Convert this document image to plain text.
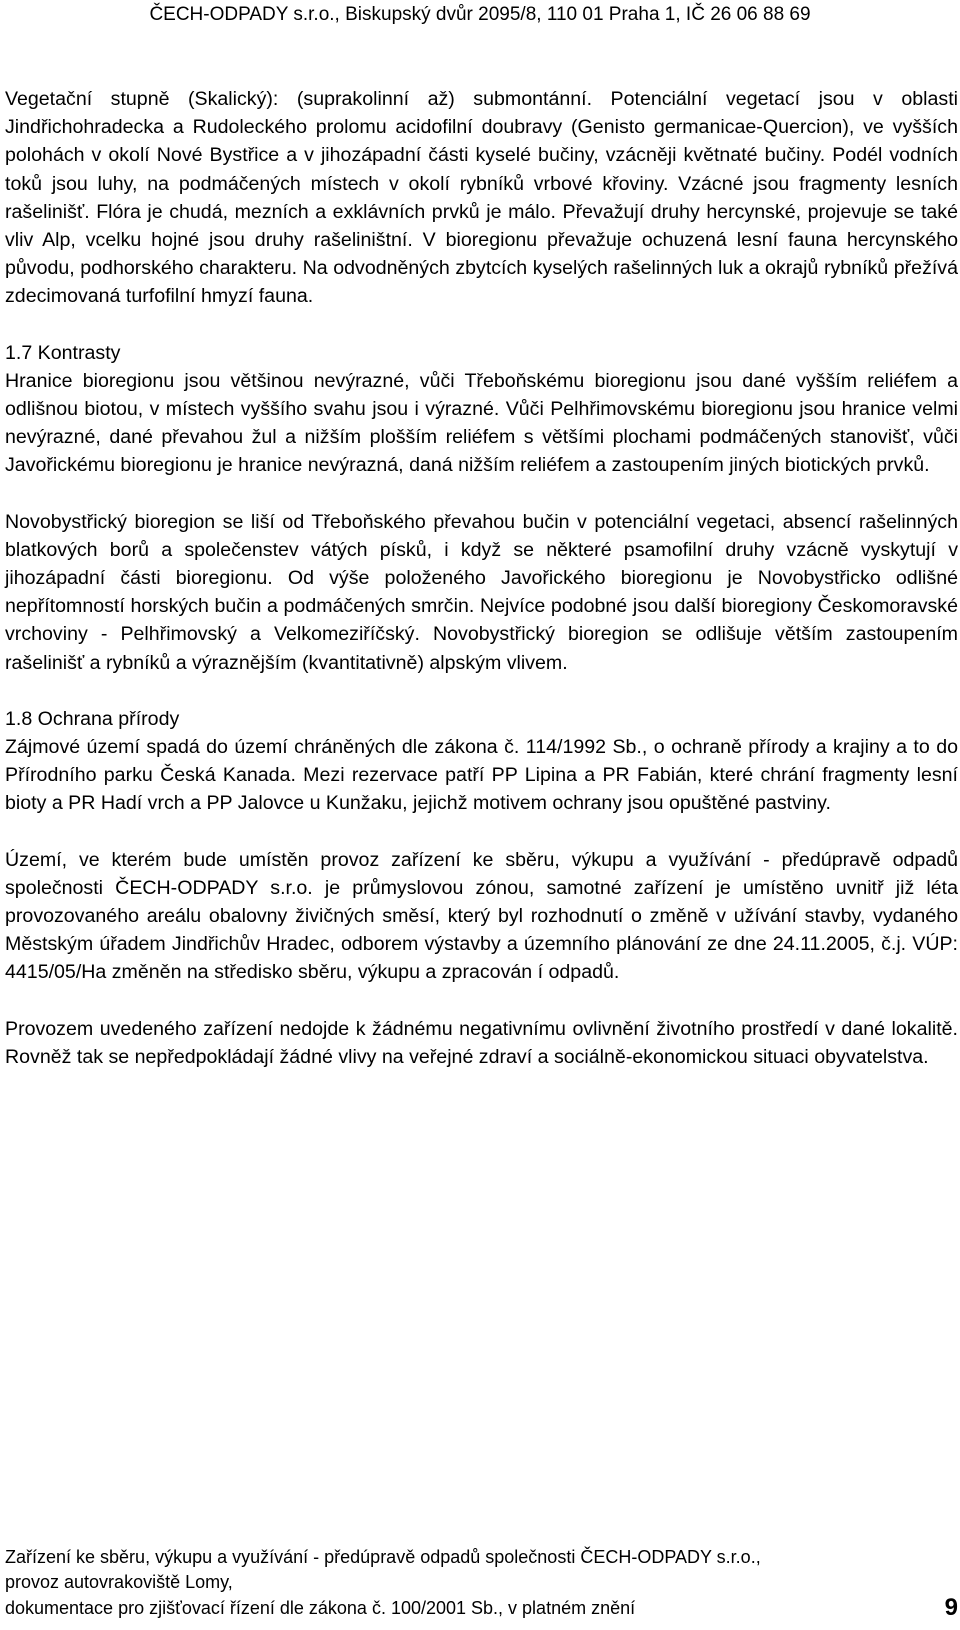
ČECH-ODPADY s.r.o., Biskupský dvůr 2095/8, 110 01 Praha 1, IČ 26 06 88 69

Vegetační stupně (Skalický): (suprakolinní až) submontánní. Potenciální vegetací jsou v oblasti Jindřichohradecka a Rudoleckého prolomu acidofilní doubravy (Genisto germanicae-Quercion), ve vyšších polohách v okolí Nové Bystřice a v jihozápadní části kyselé bučiny, vzácněji květnaté bučiny. Podél vodních toků jsou luhy, na podmáčených místech v okolí rybníků vrbové křoviny. Vzácné jsou fragmenty lesních rašelinišť. Flóra je chudá, mezních a exklávních prvků je málo. Převažují druhy hercynské, projevuje se také vliv Alp, vcelku hojné jsou druhy rašeliništní. V bioregionu převažuje ochuzená lesní fauna hercynského původu, podhorského charakteru. Na odvodněných zbytcích kyselých rašelinných luk a okrajů rybníků přežívá zdecimovaná turfofilní hmyzí fauna.

1.7 Kontrasty

Hranice bioregionu jsou většinou nevýrazné, vůči Třeboňskému bioregionu jsou dané vyšším reliéfem a odlišnou biotou, v místech vyššího svahu jsou i výrazné. Vůči Pelhřimovskému bioregionu jsou hranice velmi nevýrazné, dané převahou žul a nižším plošším reliéfem s většími plochami podmáčených stanovišť, vůči Javořickému bioregionu je hranice nevýrazná, daná nižším reliéfem a zastoupením jiných biotických prvků.

Novobystřický bioregion se liší od Třeboňského převahou bučin v potenciální vegetaci, absencí rašelinných blatkových borů a společenstev vátých písků, i když se některé psamofilní druhy vzácně vyskytují v jihozápadní části bioregionu. Od výše položeného Javořického bioregionu je Novobystřicko odlišné nepřítomností horských bučin a podmáčených smrčin. Nejvíce podobné jsou další bioregiony Českomoravské vrchoviny - Pelhřimovský a Velkomeziříčský. Novobystřický bioregion se odlišuje větším zastoupením rašelinišť a rybníků a výraznějším (kvantitativně) alpským vlivem.

1.8 Ochrana přírody

Zájmové území spadá do území chráněných dle zákona č. 114/1992 Sb., o ochraně přírody a krajiny a to do Přírodního parku Česká Kanada. Mezi rezervace patří PP Lipina a PR Fabián, které chrání fragmenty lesní bioty a PR Hadí vrch a PP Jalovce u Kunžaku, jejichž motivem ochrany jsou opuštěné pastviny.

Území, ve kterém bude umístěn provoz zařízení ke sběru, výkupu a využívání - předúpravě odpadů společnosti ČECH-ODPADY s.r.o. je průmyslovou zónou, samotné zařízení je umístěno uvnitř již léta provozovaného areálu obalovny živičných směsí, který byl rozhodnutí o změně v užívání stavby, vydaného Městským úřadem Jindřichův Hradec, odborem výstavby a územního plánování ze dne 24.11.2005, č.j. VÚP: 4415/05/Ha změněn na středisko sběru, výkupu a zpracován í odpadů.

Provozem uvedeného zařízení nedojde k žádnému negativnímu ovlivnění životního prostředí v dané lokalitě. Rovněž tak se nepředpokládají žádné vlivy na veřejné zdraví a sociálně-ekonomickou situaci obyvatelstva.

Zařízení ke sběru, výkupu a využívání - předúpravě odpadů společnosti ČECH-ODPADY s.r.o.,
provoz autovrakoviště Lomy,
dokumentace pro zjišťovací řízení dle zákona č. 100/2001 Sb., v platném znění	9
